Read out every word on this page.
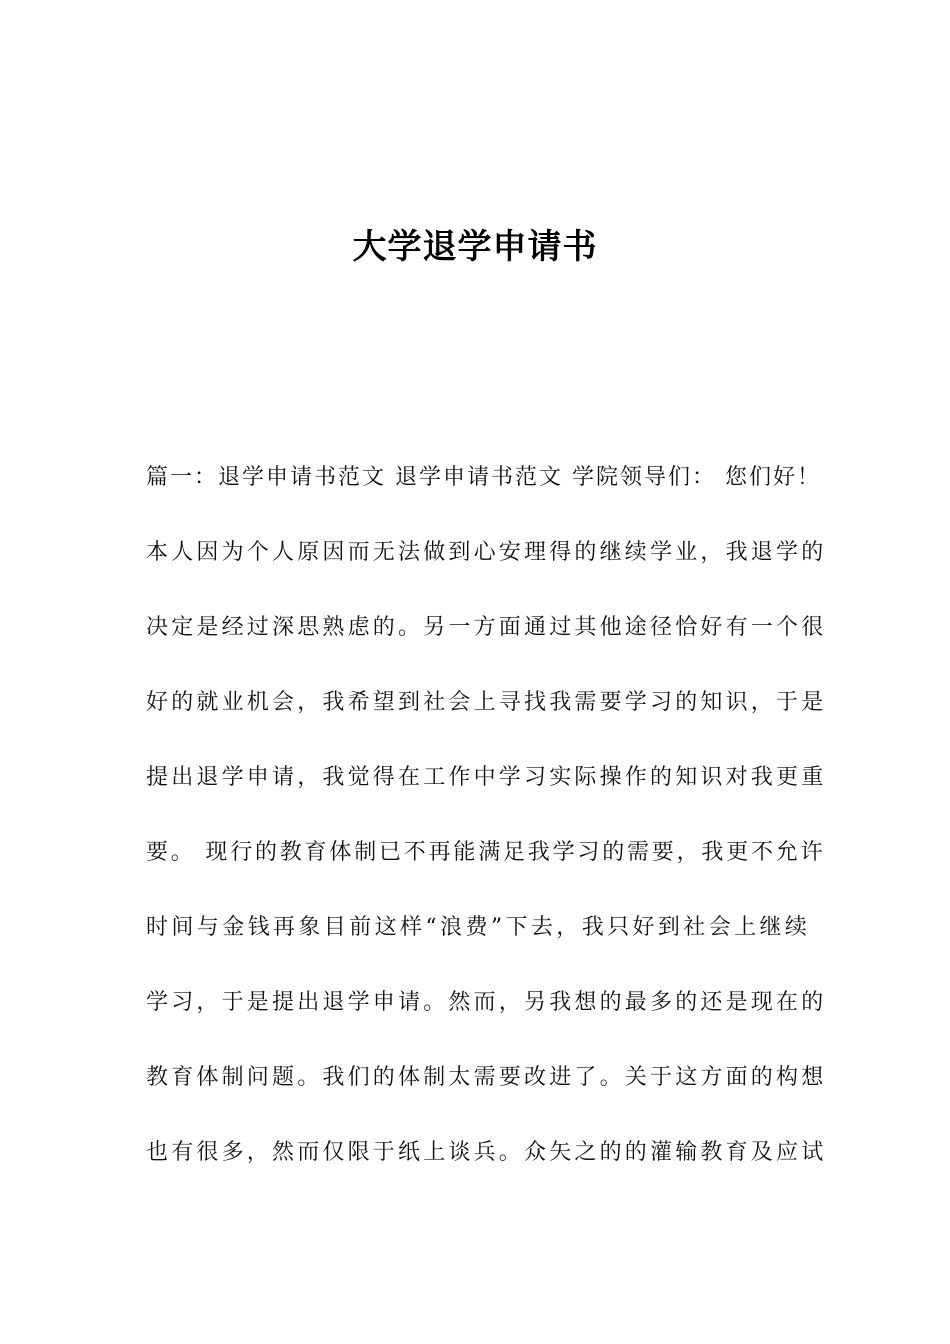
大学退学申请书
篇一：退学申请书范文 退学申请书范文 学院领导们： 您们好！
本人因为个人原因而无法做到心安理得的继续学业，我退学的
决定是经过深思熟虑的。另一方面通过其他途径恰好有一个很
好的就业机会，我希望到社会上寻找我需要学习的知识，于是
提出退学申请，我觉得在工作中学习实际操作的知识对我更重
要。 现行的教育体制已不再能满足我学习的需要，我更不允许
时间与金钱再象目前这样“浪费”下去，我只好到社会上继续
学习，于是提出退学申请。然而，另我想的最多的还是现在的
教育体制问题。我们的体制太需要改进了。关于这方面的构想
也有很多，然而仅限于纸上谈兵。众矢之的的灌输教育及应试
